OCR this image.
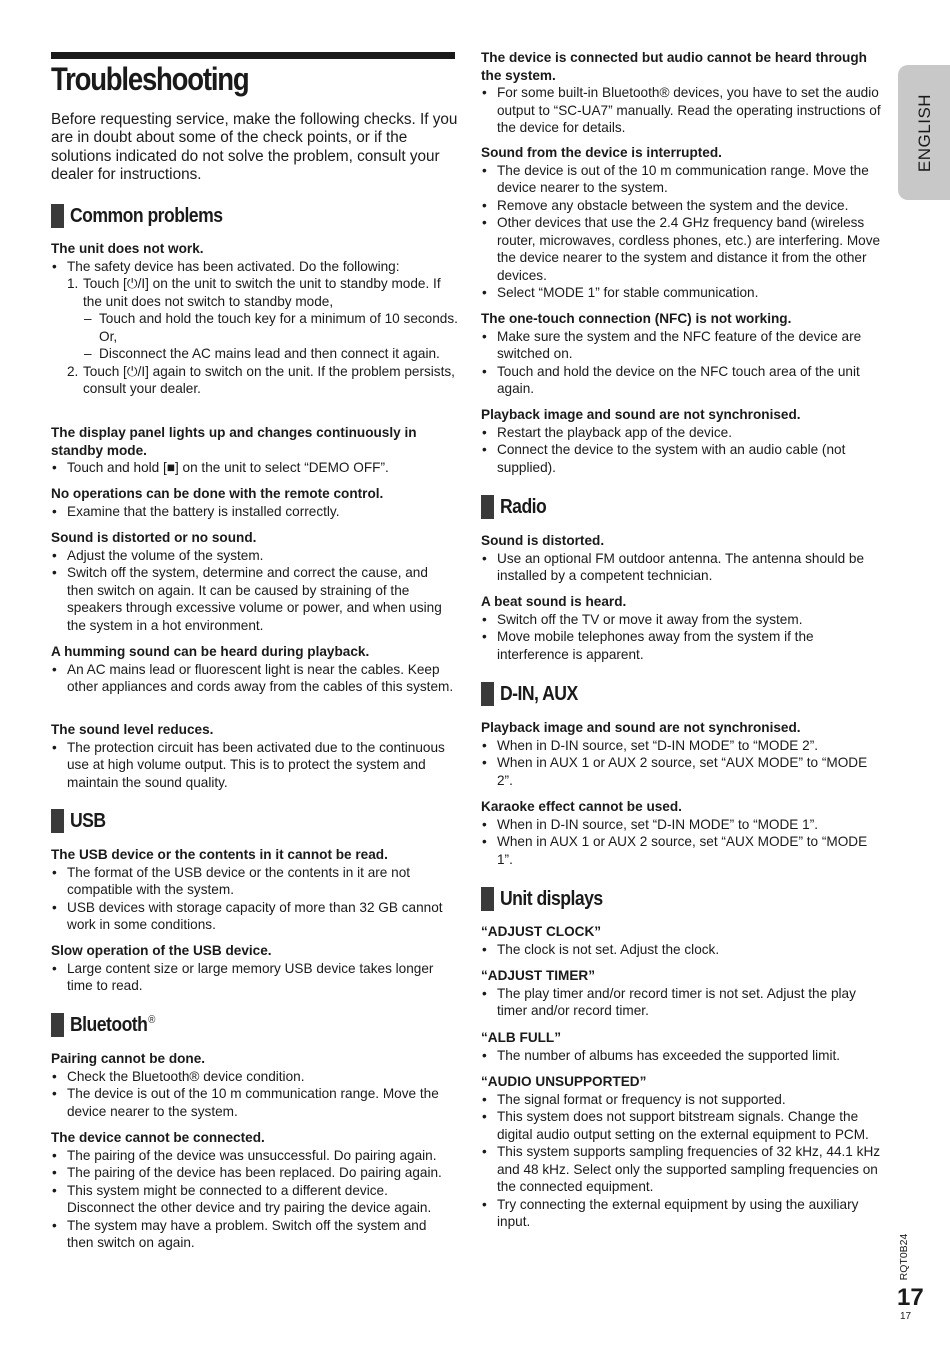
Troubleshooting

Before requesting service, make the following checks. If you are in doubt about some of the check points, or if the solutions indicated do not solve the problem, consult your dealer for instructions.

Common problems

The unit does not work.

• The safety device has been activated. Do the following:
1. Touch [⏻/I] on the unit to switch the unit to standby mode. If the unit does not switch to standby mode,
– Touch and hold the touch key for a minimum of 10 seconds. Or,
– Disconnect the AC mains lead and then connect it again.
2. Touch [⏻/I] again to switch on the unit. If the problem persists, consult your dealer.

The display panel lights up and changes continuously in standby mode.

• Touch and hold [■] on the unit to select “DEMO OFF”.

No operations can be done with the remote control.

• Examine that the battery is installed correctly.

Sound is distorted or no sound.

• Adjust the volume of the system.
• Switch off the system, determine and correct the cause, and then switch on again. It can be caused by straining of the speakers through excessive volume or power, and when using the system in a hot environment.

A humming sound can be heard during playback.

• An AC mains lead or fluorescent light is near the cables. Keep other appliances and cords away from the cables of this system.

The sound level reduces.

• The protection circuit has been activated due to the continuous use at high volume output. This is to protect the system and maintain the sound quality.
USB

The USB device or the contents in it cannot be read.

• The format of the USB device or the contents in it are not compatible with the system.
• USB devices with storage capacity of more than 32 GB cannot work in some conditions.

Slow operation of the USB device.

• Large content size or large memory USB device takes longer time to read.
Bluetooth®

Pairing cannot be done.

• Check the Bluetooth® device condition.
• The device is out of the 10 m communication range. Move the device nearer to the system.

The device cannot be connected.

• The pairing of the device was unsuccessful. Do pairing again.
• The pairing of the device has been replaced. Do pairing again.
• This system might be connected to a different device. Disconnect the other device and try pairing the device again.
• The system may have a problem. Switch off the system and then switch on again.

The device is connected but audio cannot be heard through the system.

• For some built-in Bluetooth® devices, you have to set the audio output to “SC-UA7” manually. Read the operating instructions of the device for details.

Sound from the device is interrupted.

• The device is out of the 10 m communication range. Move the device nearer to the system.
• Remove any obstacle between the system and the device.
• Other devices that use the 2.4 GHz frequency band (wireless router, microwaves, cordless phones, etc.) are interfering. Move the device nearer to the system and distance it from the other devices.
• Select “MODE 1” for stable communication.

The one-touch connection (NFC) is not working.

• Make sure the system and the NFC feature of the device are switched on.
• Touch and hold the device on the NFC touch area of the unit again.

Playback image and sound are not synchronised.

• Restart the playback app of the device.
• Connect the device to the system with an audio cable (not supplied).
Radio

Sound is distorted.

• Use an optional FM outdoor antenna. The antenna should be installed by a competent technician.

A beat sound is heard.

• Switch off the TV or move it away from the system.
• Move mobile telephones away from the system if the interference is apparent.
D-IN, AUX

Playback image and sound are not synchronised.

• When in D-IN source, set “D-IN MODE” to “MODE 2”.
• When in AUX 1 or AUX 2 source, set “AUX MODE” to “MODE 2”.

Karaoke effect cannot be used.

• When in D-IN source, set “D-IN MODE” to “MODE 1”.
• When in AUX 1 or AUX 2 source, set “AUX MODE” to “MODE 1”.
Unit displays

“ADJUST CLOCK”

• The clock is not set. Adjust the clock.

“ADJUST TIMER”

• The play timer and/or record timer is not set. Adjust the play timer and/or record timer.

“ALB FULL”

• The number of albums has exceeded the supported limit.

“AUDIO UNSUPPORTED”

• The signal format or frequency is not supported.
• This system does not support bitstream signals. Change the digital audio output setting on the external equipment to PCM.
• This system supports sampling frequencies of 32 kHz, 44.1 kHz and 48 kHz. Select only the supported sampling frequencies on the connected equipment.
• Try connecting the external equipment by using the auxiliary input.
ENGLISH
RQT0B24
17
17
